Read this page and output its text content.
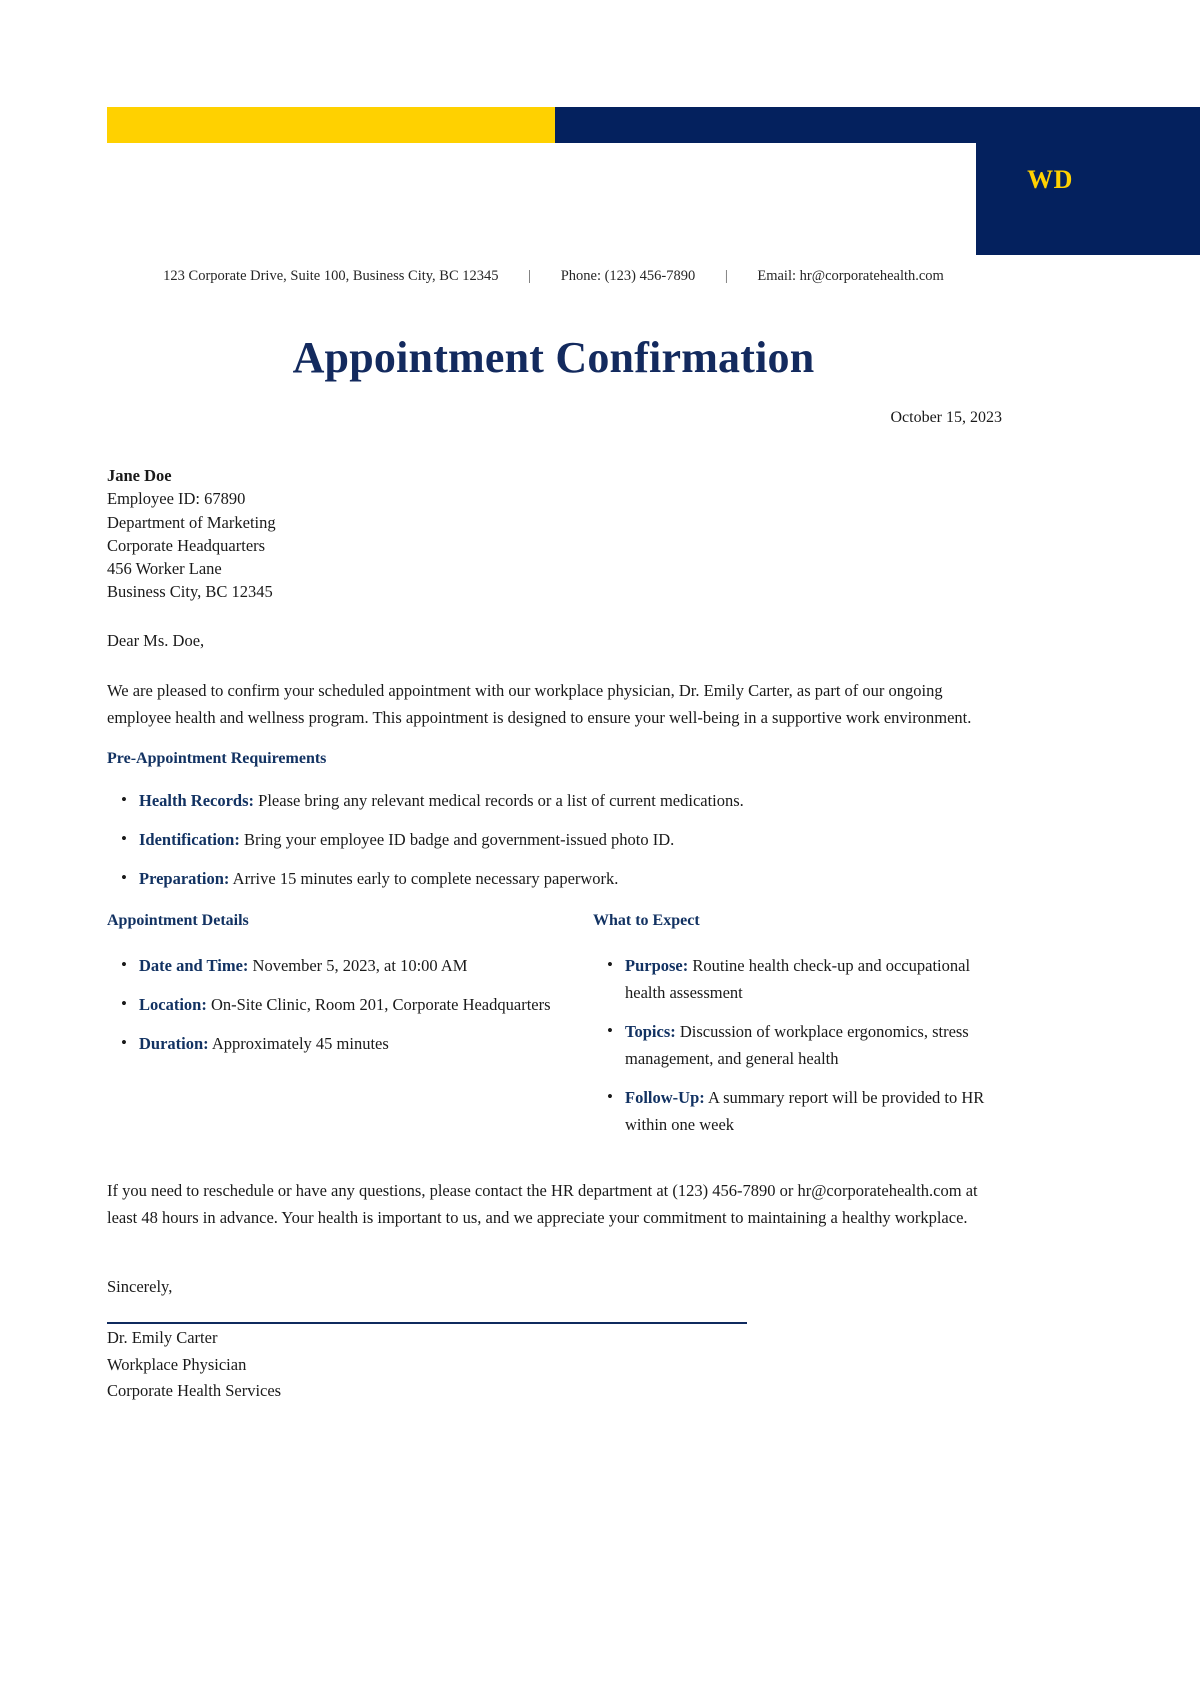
WD
123 Corporate Drive, Suite 100, Business City, BC 12345 | Phone: (123) 456-7890 | Email: hr@corporatehealth.com
Appointment Confirmation
October 15, 2023
Jane Doe
Employee ID: 67890
Department of Marketing
Corporate Headquarters
456 Worker Lane
Business City, BC 12345
Dear Ms. Doe,
We are pleased to confirm your scheduled appointment with our workplace physician, Dr. Emily Carter, as part of our ongoing employee health and wellness program. This appointment is designed to ensure your well-being in a supportive work environment.
Pre-Appointment Requirements
• Health Records: Please bring any relevant medical records or a list of current medications.
• Identification: Bring your employee ID badge and government-issued photo ID.
• Preparation: Arrive 15 minutes early to complete necessary paperwork.
Appointment Details
• Date and Time: November 5, 2023, at 10:00 AM
• Location: On-Site Clinic, Room 201, Corporate Headquarters
• Duration: Approximately 45 minutes
What to Expect
• Purpose: Routine health check-up and occupational health assessment
• Topics: Discussion of workplace ergonomics, stress management, and general health
• Follow-Up: A summary report will be provided to HR within one week
If you need to reschedule or have any questions, please contact the HR department at (123) 456-7890 or hr@corporatehealth.com at least 48 hours in advance. Your health is important to us, and we appreciate your commitment to maintaining a healthy workplace.
Sincerely,
Dr. Emily Carter
Workplace Physician
Corporate Health Services
